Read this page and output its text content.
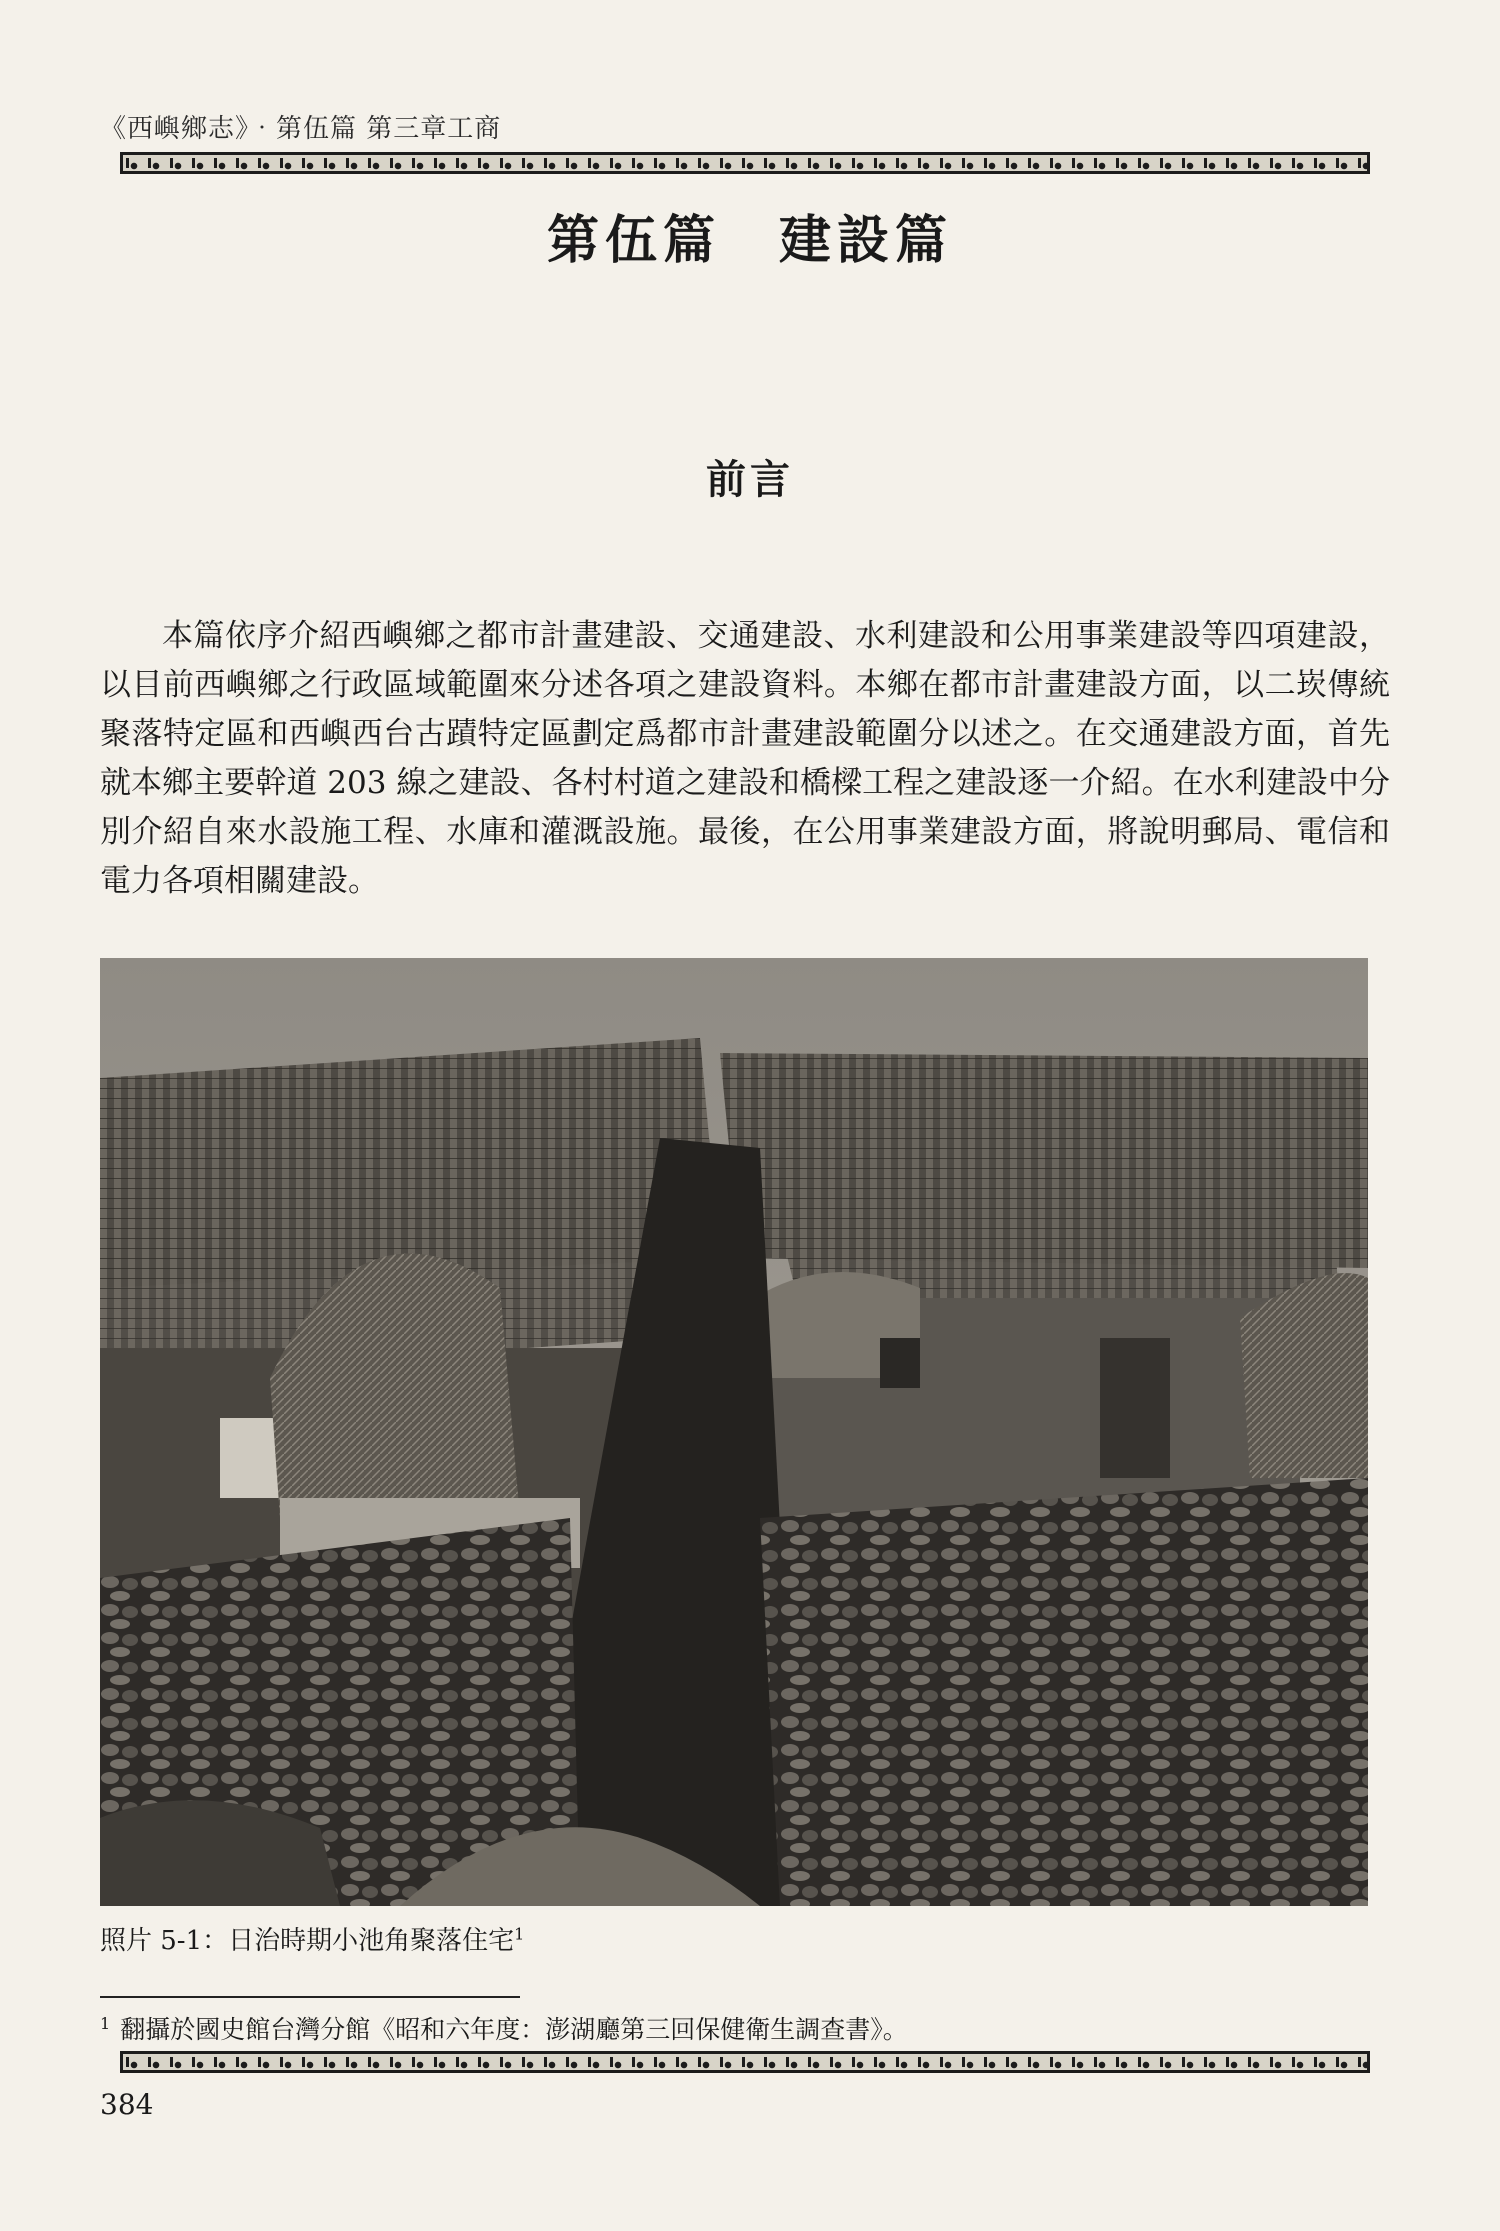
《西嶼鄉志》‧第伍篇 第三章工商
第伍篇　建設篇
前言

本篇依序介紹西嶼鄉之都市計畫建設、交通建設、水利建設和公用事業建設等四項建設，以目前西嶼鄉之行政區域範圍來分述各項之建設資料。本鄉在都市計畫建設方面，以二崁傳統聚落特定區和西嶼西台古蹟特定區劃定爲都市計畫建設範圍分以述之。在交通建設方面，首先就本鄉主要幹道 203 線之建設、各村村道之建設和橋樑工程之建設逐一介紹。在水利建設中分別介紹自來水設施工程、水庫和灌溉設施。最後，在公用事業建設方面，將說明郵局、電信和電力各項相關建設。

照片 5-1：日治時期小池角聚落住宅$^1$
$^1$ 翻攝於國史館台灣分館《昭和六年度：澎湖廳第三回保健衛生調查書》。
384
